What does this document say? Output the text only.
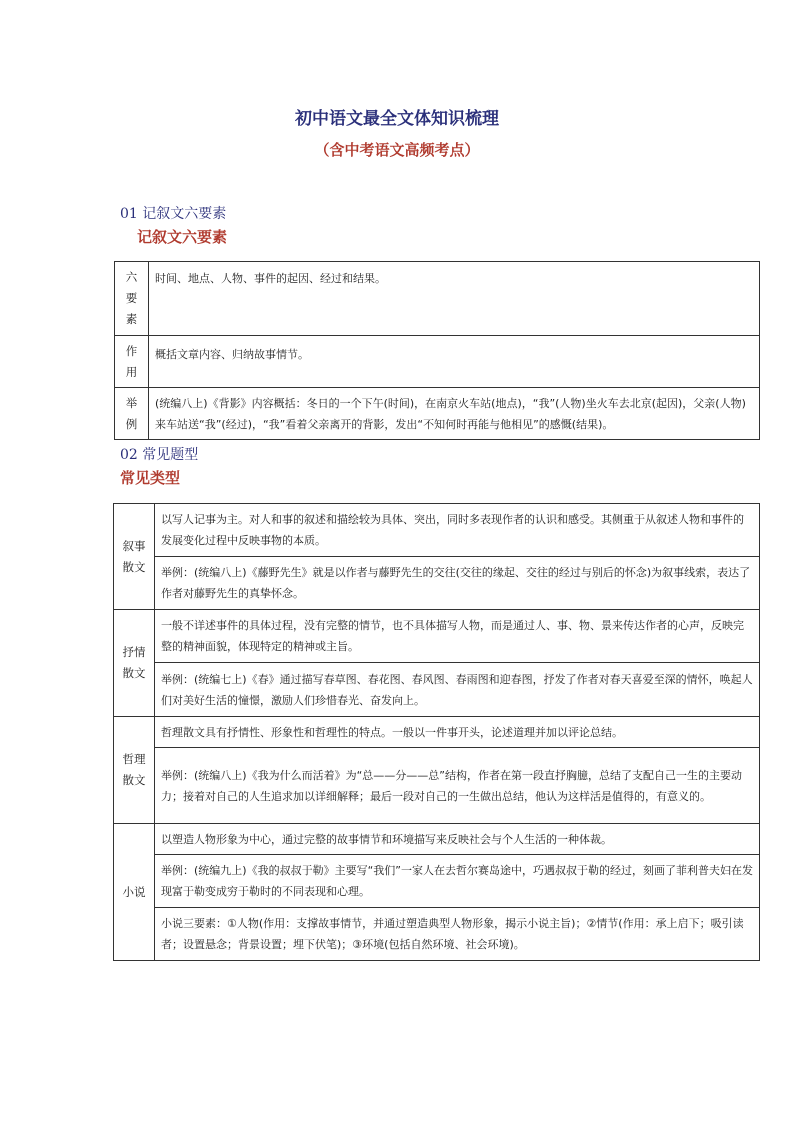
初中语文最全文体知识梳理
（含中考语文高频考点）
01 记叙文六要素
记叙文六要素
六要素	时间、地点、人物、事件的起因、经过和结果。
作用	概括文章内容、归纳故事情节。
举例	(统编八上)《背影》内容概括：冬日的一个下午(时间)，在南京火车站(地点)，“我”(人物)坐火车去北京(起因)，父亲(人物)来车站送“我”(经过)，“我”看着父亲离开的背影，发出“不知何时再能与他相见”的感慨(结果)。
02 常见题型
常见类型
叙事散文	以写人记事为主。对人和事的叙述和描绘较为具体、突出，同时多表现作者的认识和感受。其侧重于从叙述人物和事件的发展变化过程中反映事物的本质。
	举例：(统编八上)《藤野先生》就是以作者与藤野先生的交往(交往的缘起、交往的经过与别后的怀念)为叙事线索，表达了作者对藤野先生的真挚怀念。
抒情散文	一般不详述事件的具体过程，没有完整的情节，也不具体描写人物，而是通过人、事、物、景来传达作者的心声，反映完整的精神面貌，体现特定的精神或主旨。
	举例：(统编七上)《春》通过描写春草图、春花图、春风图、春雨图和迎春图，抒发了作者对春天喜爱至深的情怀，唤起人们对美好生活的憧憬，激励人们珍惜春光、奋发向上。
哲理散文	哲理散文具有抒情性、形象性和哲理性的特点。一般以一件事开头，论述道理并加以评论总结。
	举例：(统编八上)《我为什么而活着》为“总——分——总”结构，作者在第一段直抒胸臆，总结了支配自己一生的主要动力；接着对自己的人生追求加以详细解释；最后一段对自己的一生做出总结，他认为这样活是值得的，有意义的。
小说	以塑造人物形象为中心，通过完整的故事情节和环境描写来反映社会与个人生活的一种体裁。
	举例：(统编九上)《我的叔叔于勒》主要写“我们”一家人在去哲尔赛岛途中，巧遇叔叔于勒的经过，刻画了菲利普夫妇在发现富于勒变成穷于勒时的不同表现和心理。
	小说三要素：①人物(作用：支撑故事情节，并通过塑造典型人物形象，揭示小说主旨)；②情节(作用：承上启下；吸引读者；设置悬念；背景设置；埋下伏笔)；③环境(包括自然环境、社会环境)。
